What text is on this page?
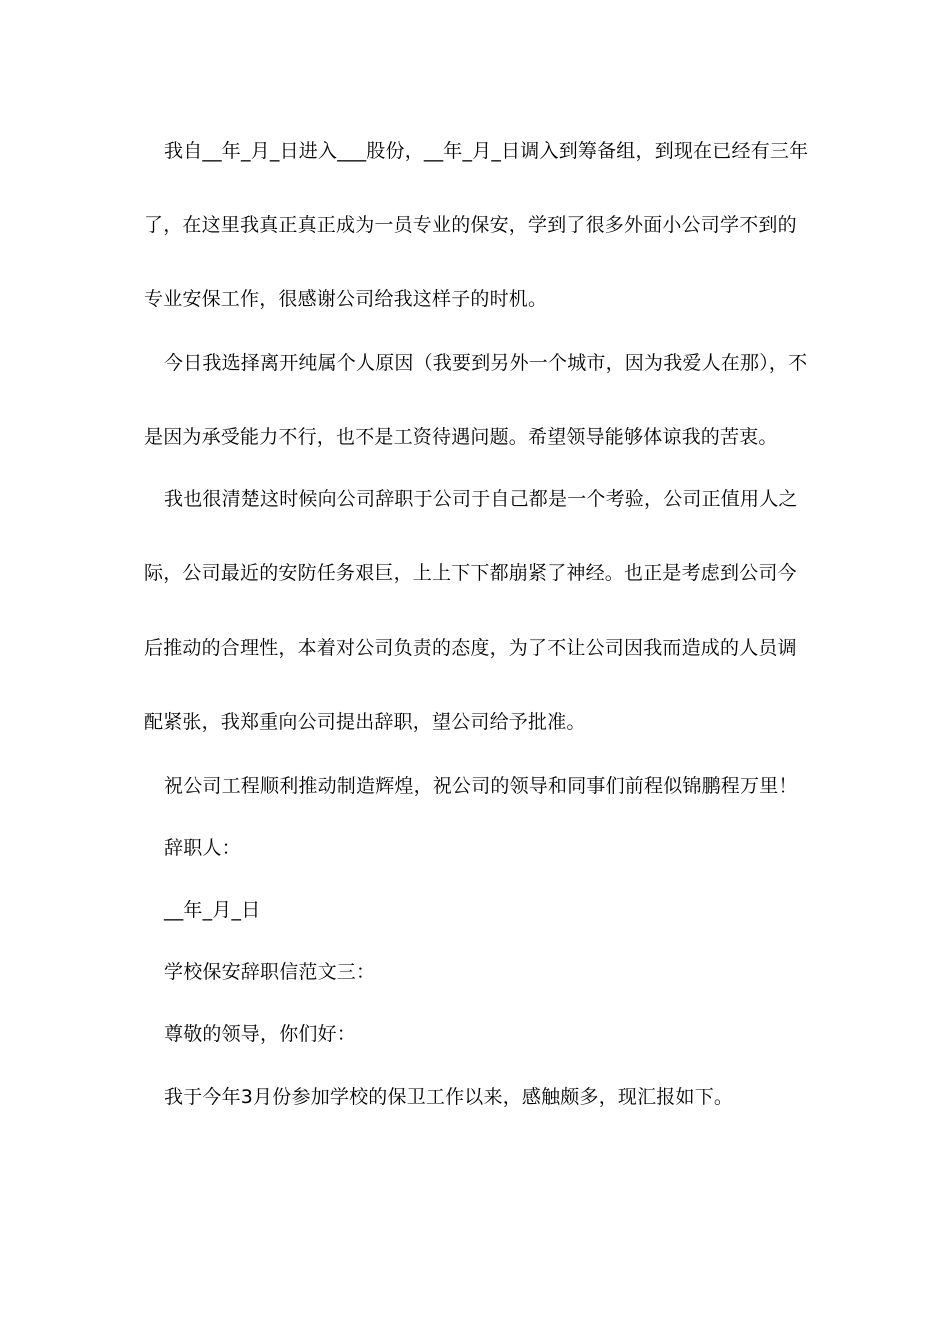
我自__年_月_日进入___股份，__年_月_日调入到筹备组，到现在已经有三年
了，在这里我真正真正成为一员专业的保安，学到了很多外面小公司学不到的
专业安保工作，很感谢公司给我这样子的时机。
今日我选择离开纯属个人原因（我要到另外一个城市，因为我爱人在那），不
是因为承受能力不行，也不是工资待遇问题。希望领导能够体谅我的苦衷。
我也很清楚这时候向公司辞职于公司于自己都是一个考验，公司正值用人之
际，公司最近的安防任务艰巨，上上下下都崩紧了神经。也正是考虑到公司今
后推动的合理性，本着对公司负责的态度，为了不让公司因我而造成的人员调
配紧张，我郑重向公司提出辞职，望公司给予批准。
祝公司工程顺利推动制造辉煌，祝公司的领导和同事们前程似锦鹏程万里！
辞职人：
__年_月_日
学校保安辞职信范文三：
尊敬的领导，你们好：
我于今年3月份参加学校的保卫工作以来，感触颇多，现汇报如下。
